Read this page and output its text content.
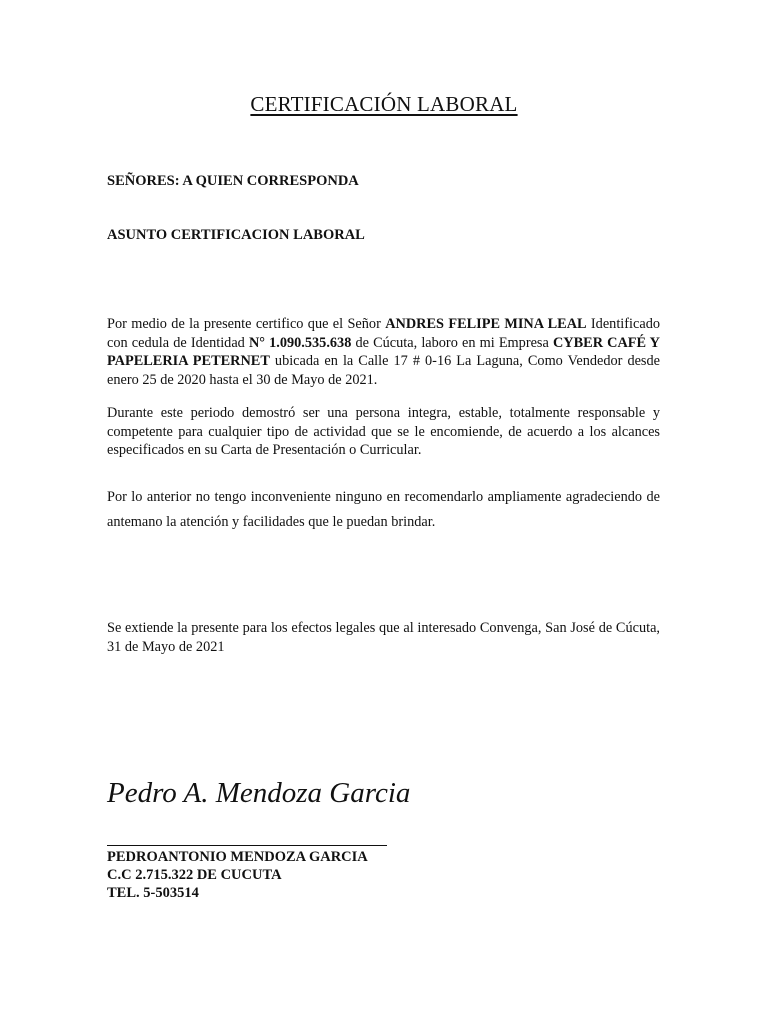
CERTIFICACIÓN LABORAL
SEÑORES: A QUIEN CORRESPONDA
ASUNTO CERTIFICACION LABORAL
Por medio de la presente certifico que el Señor ANDRES FELIPE MINA LEAL Identificado con cedula de Identidad N° 1.090.535.638 de Cúcuta, laboro en mi Empresa CYBER CAFÉ Y PAPELERIA PETERNET ubicada en la Calle 17 # 0-16 La Laguna, Como Vendedor desde enero 25 de 2020 hasta el 30 de Mayo de 2021.
Durante este periodo demostró ser una persona integra, estable, totalmente responsable y competente para cualquier tipo de actividad que se le encomiende, de acuerdo a los alcances especificados en su Carta de Presentación o Curricular.
Por lo anterior no tengo inconveniente ninguno en recomendarlo ampliamente agradeciendo de antemano la atención y facilidades que le puedan brindar.
Se extiende la presente para los efectos legales que al interesado Convenga, San José de Cúcuta, 31 de Mayo de 2021
Pedro A. Mendoza Garcia
PEDROANTONIO MENDOZA GARCIA
C.C 2.715.322 DE CUCUTA
TEL. 5-503514
